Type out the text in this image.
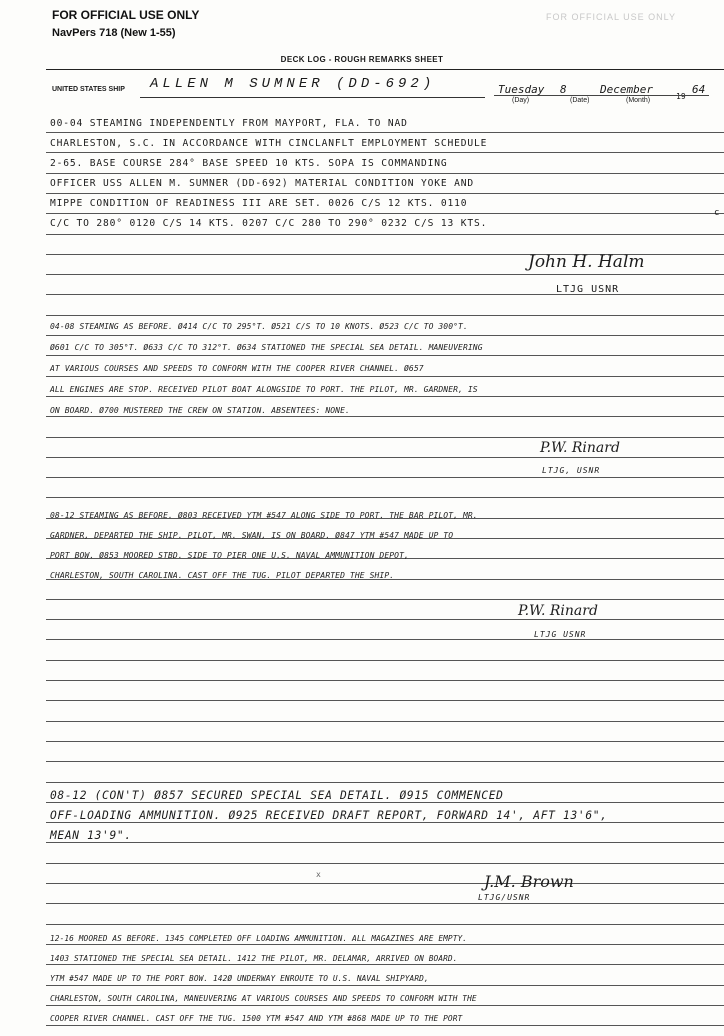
FOR OFFICIAL USE ONLY
NavPers 718 (New 1-55)
FOR OFFICIAL USE ONLY
DECK LOG - ROUGH REMARKS SHEET
UNITED STATES SHIP ALLEN M SUMNER (DD-692)	Tuesday 8	December
19
64
(Day)	(Date)	(Month)
00-04 STEAMING INDEPENDENTLY FROM MAYPORT, FLA. TO NAD
CHARLESTON, S.C. IN ACCORDANCE WITH CINCLANFLT EMPLOYMENT SCHEDULE
2-65. BASE COURSE 284° BASE SPEED 10 KTS. SOPA IS COMMANDING
OFFICER USS ALLEN M. SUMNER (DD-692) MATERIAL CONDITION YOKE AND
MIPPE CONDITION OF READINESS III ARE SET. 0026 C/S 12 KTS. 0110
C/C TO 280° 0120 C/S 14 KTS. 0207 C/C 280 TO 290° 0232 C/S 13 KTS.
04-08 STEAMING AS BEFORE. Ø414 C/C TO 295°T. Ø521 C/S TO 10 KNOTS. Ø523 C/C TO 300°T.
Ø601 C/C TO 305°T. Ø633 C/C TO 312°T. Ø634 STATIONED THE SPECIAL SEA DETAIL. MANEUVERING
AT VARIOUS COURSES AND SPEEDS TO CONFORM WITH THE COOPER RIVER CHANNEL. Ø657
ALL ENGINES ARE STOP. RECEIVED PILOT BOAT ALONGSIDE TO PORT. THE PILOT, MR. GARDNER, IS
ON BOARD. Ø700 MUSTERED THE CREW ON STATION. ABSENTEES: NONE.
08-12 STEAMING AS BEFORE. Ø803 RECEIVED YTM #547 ALONG SIDE TO PORT. THE BAR PILOT, MR.
GARDNER, DEPARTED THE SHIP. PILOT, MR. SWAN, IS ON BOARD. Ø847 YTM #547 MADE UP TO
PORT BOW. Ø853 MOORED STBD. SIDE TO PIER ONE U.S. NAVAL AMMUNITION DEPOT,
CHARLESTON, SOUTH CAROLINA. CAST OFF THE TUG. PILOT DEPARTED THE SHIP.
08-12 (CON'T) Ø857 SECURED SPECIAL SEA DETAIL. Ø915 COMMENCED
OFF-LOADING AMMUNITION. Ø925 RECEIVED DRAFT REPORT, FORWARD 14', AFT 13'6",
MEAN 13'9".
12-16 MOORED AS BEFORE. 1345 COMPLETED OFF LOADING AMMUNITION. ALL MAGAZINES ARE EMPTY.
1403 STATIONED THE SPECIAL SEA DETAIL. 1412 THE PILOT, MR. DELAMAR, ARRIVED ON BOARD.
YTM #547 MADE UP TO THE PORT BOW. 142Ø UNDERWAY ENROUTE TO U.S. NAVAL SHIPYARD,
CHARLESTON, SOUTH CAROLINA, MANEUVERING AT VARIOUS COURSES AND SPEEDS TO CONFORM WITH THE
COOPER RIVER CHANNEL. CAST OFF THE TUG. 1500 YTM #547 AND YTM #868 MADE UP TO THE PORT
John H. Halm
LTJG USNR
P.W. Rinard
LTJG, USNR
P.W. Rinard
LTJG USNR
J.M. Brown
LTJG/USNR
x
c
